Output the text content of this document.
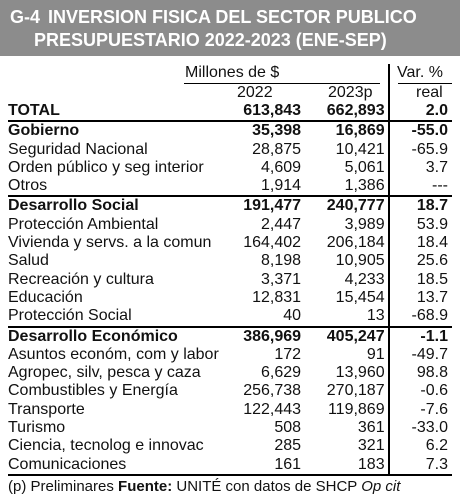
G-4 INVERSION FISICA DEL SECTOR PUBLICO
PRESUPUESTARIO 2022-2023 (ENE-SEP)
Millones de $	Var. %
2022	2023p	real
TOTAL	613,843	662,893	2.0
Gobierno	35,398	16,869	-55.0
Seguridad Nacional	28,875	10,421	-65.9
Orden público y seg interior	4,609	5,061	3.7
Otros	1,914	1,386	---
Desarrollo Social	191,477	240,777	18.7
Protección Ambiental	2,447	3,989	53.9
Vivienda y servs. a la comun	164,402	206,184	18.4
Salud	8,198	10,905	25.6
Recreación y cultura	3,371	4,233	18.5
Educación	12,831	15,454	13.7
Protección Social	40	13	-68.9
Desarrollo Económico	386,969	405,247	-1.1
Asuntos económ, com y labor	172	91	-49.7
Agropec, silv, pesca y caza	6,629	13,960	98.8
Combustibles y Energía	256,738	270,187	-0.6
Transporte	122,443	119,869	-7.6
Turismo	508	361	-33.0
Ciencia, tecnolog e innovac	285	321	6.2
Comunicaciones	161	183	7.3
(p) Preliminares Fuente: UNITÉ con datos de SHCP Op cit
